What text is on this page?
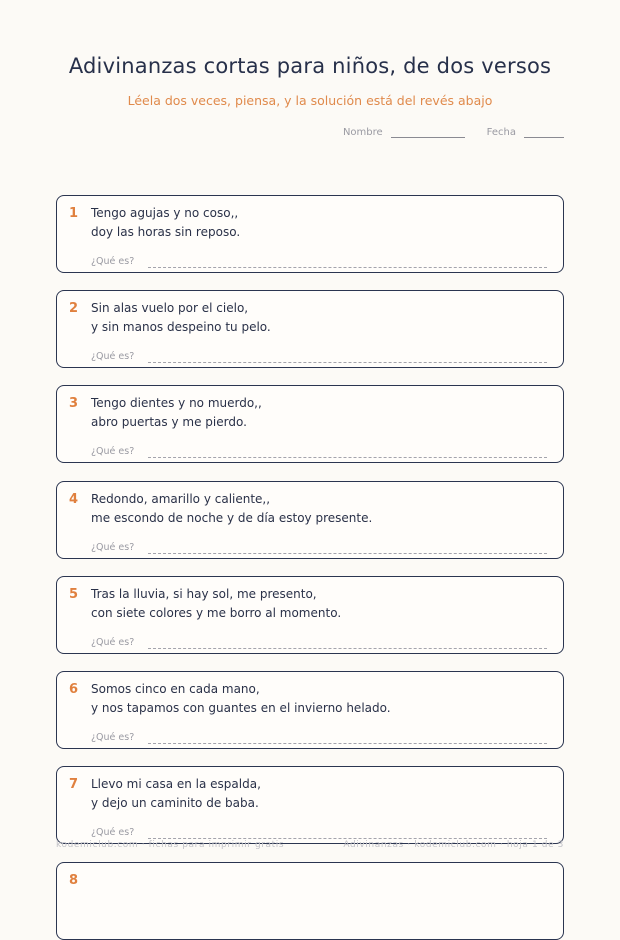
Adivinanzas cortas para niños, de dos versos
Léela dos veces, piensa, y la solución está del revés abajo
Nombre	Fecha
1 Tengo agujas y no coso,,
doy las horas sin reposo.
¿Qué es?
2 Sin alas vuelo por el cielo,
y sin manos despeino tu pelo.
¿Qué es?
3 Tengo dientes y no muerdo,,
abro puertas y me pierdo.
¿Qué es?
4 Redondo, amarillo y caliente,,
me escondo de noche y de día estoy presente.
¿Qué es?
5 Tras la lluvia, si hay sol, me presento,
con siete colores y me borro al momento.
¿Qué es?
6 Somos cinco en cada mano,
y nos tapamos con guantes en el invierno helado.
¿Qué es?
7 Llevo mi casa en la espalda,
y dejo un caminito de baba.
¿Qué es?
8
kodemiclub.com · fichas para imprimir gratis	Adivinanzas · kodemiclub.com · hoja 1 de 3
